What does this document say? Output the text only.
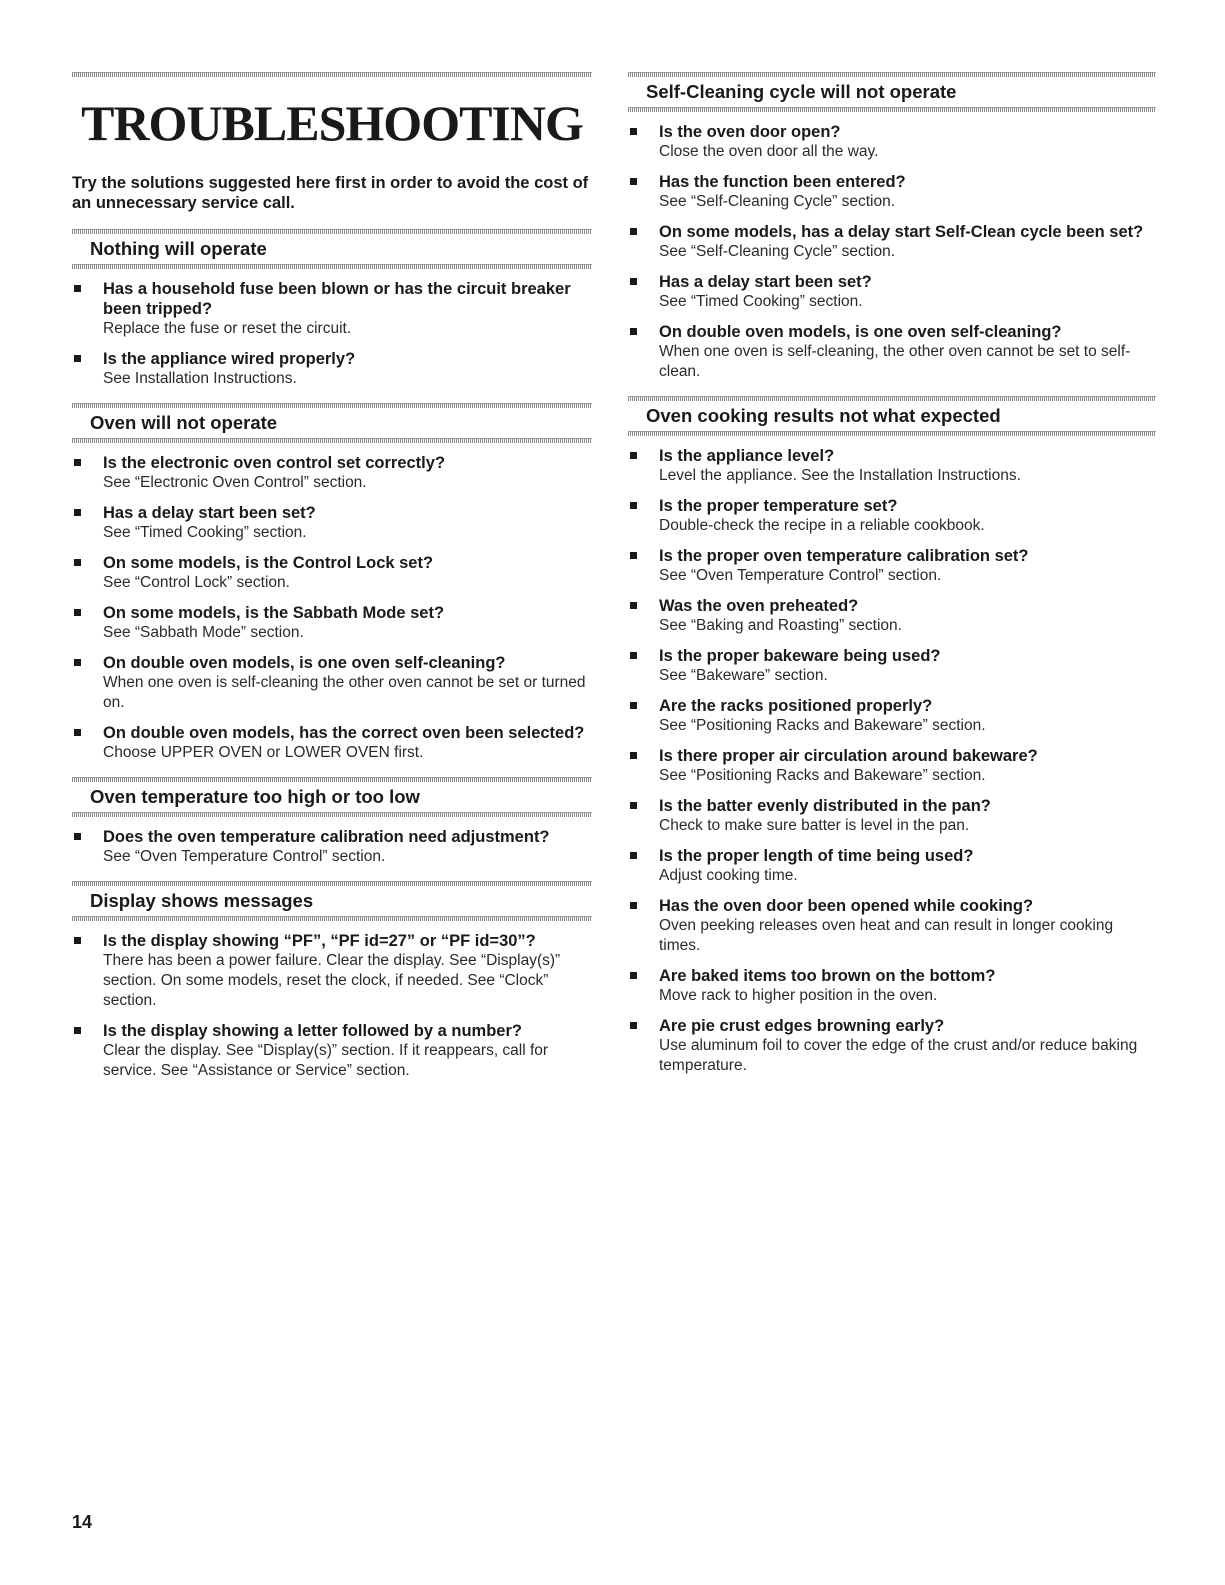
TROUBLESHOOTING

Try the solutions suggested here first in order to avoid the cost of an unnecessary service call.

Nothing will operate
Has a household fuse been blown or has the circuit breaker been tripped?
Replace the fuse or reset the circuit.
Is the appliance wired properly?
See Installation Instructions.
Oven will not operate
Is the electronic oven control set correctly?
See “Electronic Oven Control” section.
Has a delay start been set?
See “Timed Cooking” section.
On some models, is the Control Lock set?
See “Control Lock” section.
On some models, is the Sabbath Mode set?
See “Sabbath Mode” section.
On double oven models, is one oven self-cleaning?
When one oven is self-cleaning the other oven cannot be set or turned on.
On double oven models, has the correct oven been selected?
Choose UPPER OVEN or LOWER OVEN first.
Oven temperature too high or too low
Does the oven temperature calibration need adjustment?
See “Oven Temperature Control” section.
Display shows messages
Is the display showing “PF”, “PF id=27” or “PF id=30”?
There has been a power failure. Clear the display. See “Display(s)” section. On some models, reset the clock, if needed. See “Clock” section.
Is the display showing a letter followed by a number?
Clear the display. See “Display(s)” section. If it reappears, call for service. See “Assistance or Service” section.
Self-Cleaning cycle will not operate
Is the oven door open?
Close the oven door all the way.
Has the function been entered?
See “Self-Cleaning Cycle” section.
On some models, has a delay start Self-Clean cycle been set?
See “Self-Cleaning Cycle” section.
Has a delay start been set?
See “Timed Cooking” section.
On double oven models, is one oven self-cleaning?
When one oven is self-cleaning, the other oven cannot be set to self-clean.
Oven cooking results not what expected
Is the appliance level?
Level the appliance. See the Installation Instructions.
Is the proper temperature set?
Double-check the recipe in a reliable cookbook.
Is the proper oven temperature calibration set?
See “Oven Temperature Control” section.
Was the oven preheated?
See “Baking and Roasting” section.
Is the proper bakeware being used?
See “Bakeware” section.
Are the racks positioned properly?
See “Positioning Racks and Bakeware” section.
Is there proper air circulation around bakeware?
See “Positioning Racks and Bakeware” section.
Is the batter evenly distributed in the pan?
Check to make sure batter is level in the pan.
Is the proper length of time being used?
Adjust cooking time.
Has the oven door been opened while cooking?
Oven peeking releases oven heat and can result in longer cooking times.
Are baked items too brown on the bottom?
Move rack to higher position in the oven.
Are pie crust edges browning early?
Use aluminum foil to cover the edge of the crust and/or reduce baking temperature.
14
